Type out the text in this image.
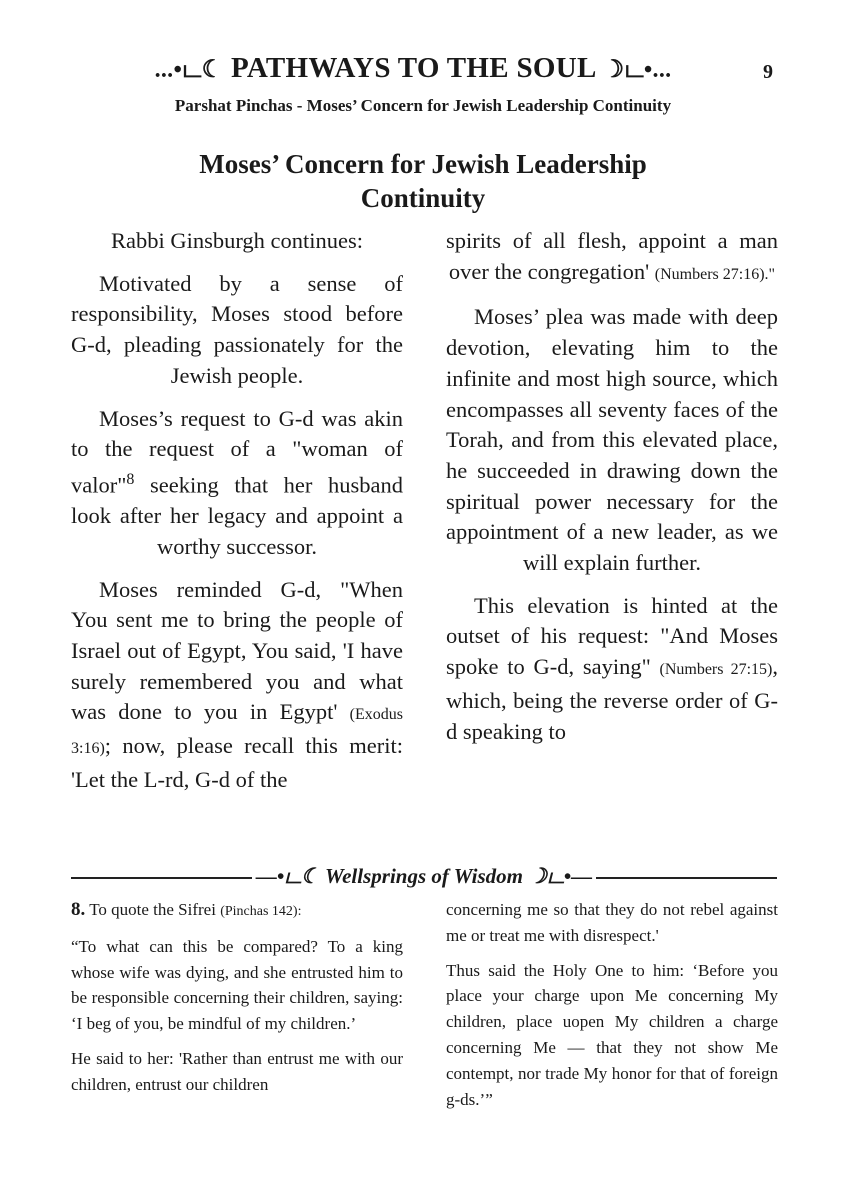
...•ட☾ PATHWAYS TO THE SOUL ☽ட•...	9
Parshat Pinchas - Moses’ Concern for Jewish Leadership Continuity
Moses’ Concern for Jewish Leadership Continuity

Rabbi Ginsburgh continues:

Motivated by a sense of responsibility, Moses stood before G-d, pleading passionately for the Jewish people.

Moses’s request to G-d was akin to the request of a "woman of valor"$^8$ seeking that her husband look after her legacy and appoint a worthy successor.

Moses reminded G-d, "When You sent me to bring the people of Israel out of Egypt, You said, 'I have surely remembered you and what was done to you in Egypt' (Exodus 3:16); now, please recall this merit: 'Let the L-rd, G-d of the

spirits of all flesh, appoint a man over the congregation' (Numbers 27:16)."

Moses’ plea was made with deep devotion, elevating him to the infinite and most high source, which encompasses all seventy faces of the Torah, and from this elevated place, he succeeded in drawing down the spiritual power necessary for the appointment of a new leader, as we will explain further.

This elevation is hinted at the outset of his request: "And Moses spoke to G-d, saying" (Numbers 27:15), which, being the reverse order of G-d speaking to

—•ட☾ Wellsprings of Wisdom ☽ட•—

8. To quote the Sifrei (Pinchas 142):

“To what can this be compared? To a king whose wife was dying, and she entrusted him to be responsible concerning their children, saying: ‘I beg of you, be mindful of my children.’

He said to her: 'Rather than entrust me with our children, entrust our children

concerning me so that they do not rebel against me or treat me with disrespect.'

Thus said the Holy One to him: ‘Before you place your charge upon Me concerning My children, place uopen My children a charge concerning Me — that they not show Me contempt, nor trade My honor for that of foreign g-ds.’”
